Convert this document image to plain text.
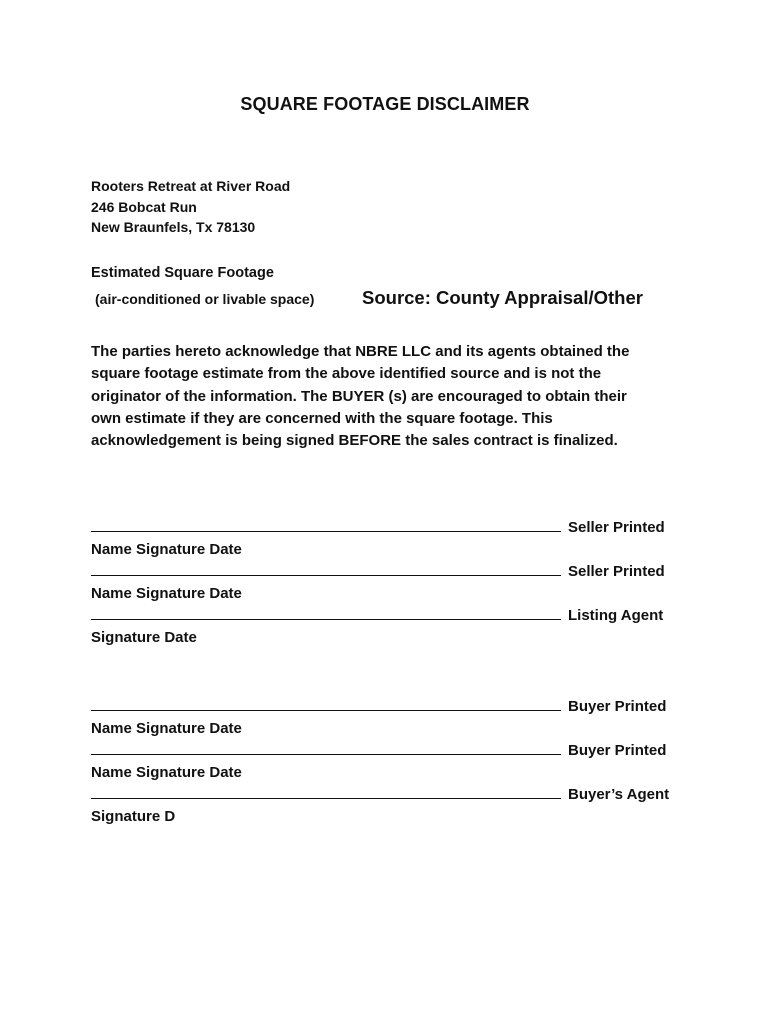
SQUARE FOOTAGE DISCLAIMER
Rooters Retreat at River Road
246 Bobcat Run
New Braunfels, Tx 78130
Estimated Square Footage
(air-conditioned or livable space)	Source: County Appraisal/Other
The parties hereto acknowledge that NBRE LLC and its agents obtained the
square footage estimate from the above identified source and is not the
originator of the information. The BUYER (s) are encouraged to obtain their
own estimate if they are concerned with the square footage. This
acknowledgement is being signed BEFORE the sales contract is finalized.
Seller Printed
Name Signature Date
Seller Printed
Name Signature Date
Listing Agent
Signature Date
Buyer Printed
Name Signature Date
Buyer Printed
Name Signature Date
Buyer’s Agent
Signature D
